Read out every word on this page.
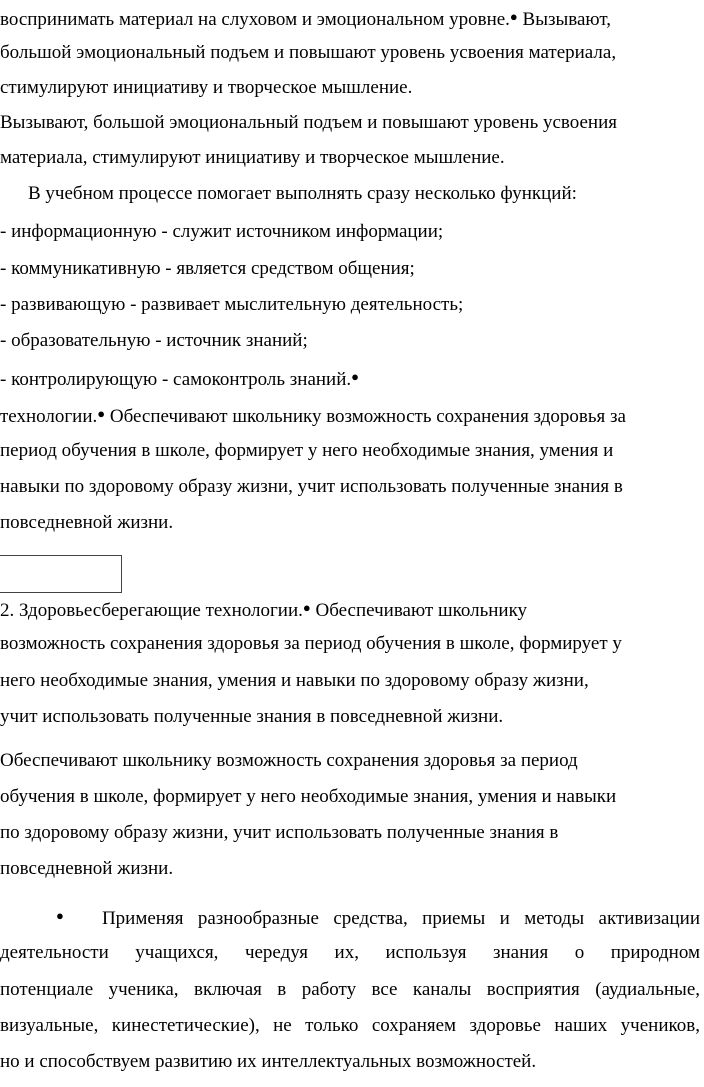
воспринимать материал на слуховом и эмоциональном уровне.● Вызывают,
большой эмоциональный подъем и повышают уровень усвоения материала,
стимулируют инициативу и творческое мышление.
Вызывают, большой эмоциональный подъем и повышают уровень усвоения
материала, стимулируют инициативу и творческое мышление.
В учебном процессе помогает выполнять сразу несколько функций:
- информационную - служит источником информации;
- коммуникативную - является средством общения;
- развивающую - развивает мыслительную деятельность;
- образовательную - источник знаний;
- контролирующую - самоконтроль знаний.●
технологии.● Обеспечивают школьнику возможность сохранения здоровья за
период обучения в школе, формирует у него необходимые знания, умения и
навыки по здоровому образу жизни, учит использовать полученные знания в
повседневной жизни.
2. Здоровьесберегающие технологии.● Обеспечивают школьнику
возможность сохранения здоровья за период обучения в школе, формирует у
него необходимые знания, умения и навыки по здоровому образу жизни,
учит использовать полученные знания в повседневной жизни.
Обеспечивают школьнику возможность сохранения здоровья за период
обучения в школе, формирует у него необходимые знания, умения и навыки
по здоровому образу жизни, учит использовать полученные знания в
повседневной жизни.
● Применяя разнообразные средства, приемы и методы активизации
деятельности учащихся, чередуя их, используя знания о природном
потенциале ученика, включая в работу все каналы восприятия (аудиальные,
визуальные, кинестетические), не только сохраняем здоровье наших учеников,
но и способствуем развитию их интеллектуальных возможностей.
